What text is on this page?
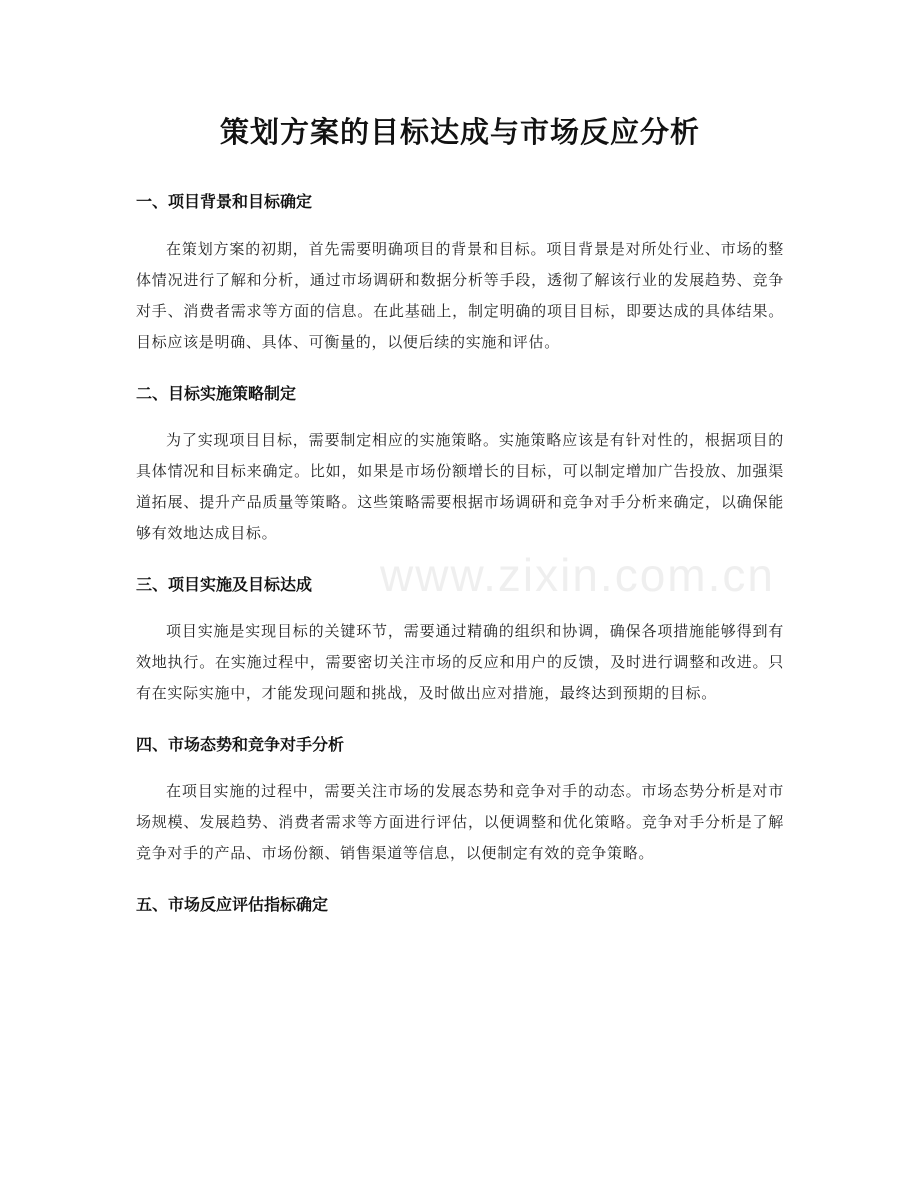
策划方案的目标达成与市场反应分析
一、项目背景和目标确定

在策划方案的初期，首先需要明确项目的背景和目标。项目背景是对所处行业、市场的整体情况进行了解和分析，通过市场调研和数据分析等手段，透彻了解该行业的发展趋势、竞争对手、消费者需求等方面的信息。在此基础上，制定明确的项目目标，即要达成的具体结果。目标应该是明确、具体、可衡量的，以便后续的实施和评估。

二、目标实施策略制定

为了实现项目目标，需要制定相应的实施策略。实施策略应该是有针对性的，根据项目的具体情况和目标来确定。比如，如果是市场份额增长的目标，可以制定增加广告投放、加强渠道拓展、提升产品质量等策略。这些策略需要根据市场调研和竞争对手分析来确定，以确保能够有效地达成目标。

三、项目实施及目标达成

项目实施是实现目标的关键环节，需要通过精确的组织和协调，确保各项措施能够得到有效地执行。在实施过程中，需要密切关注市场的反应和用户的反馈，及时进行调整和改进。只有在实际实施中，才能发现问题和挑战，及时做出应对措施，最终达到预期的目标。

四、市场态势和竞争对手分析

在项目实施的过程中，需要关注市场的发展态势和竞争对手的动态。市场态势分析是对市场规模、发展趋势、消费者需求等方面进行评估，以便调整和优化策略。竞争对手分析是了解竞争对手的产品、市场份额、销售渠道等信息，以便制定有效的竞争策略。

五、市场反应评估指标确定
www.zixin.com.cn
